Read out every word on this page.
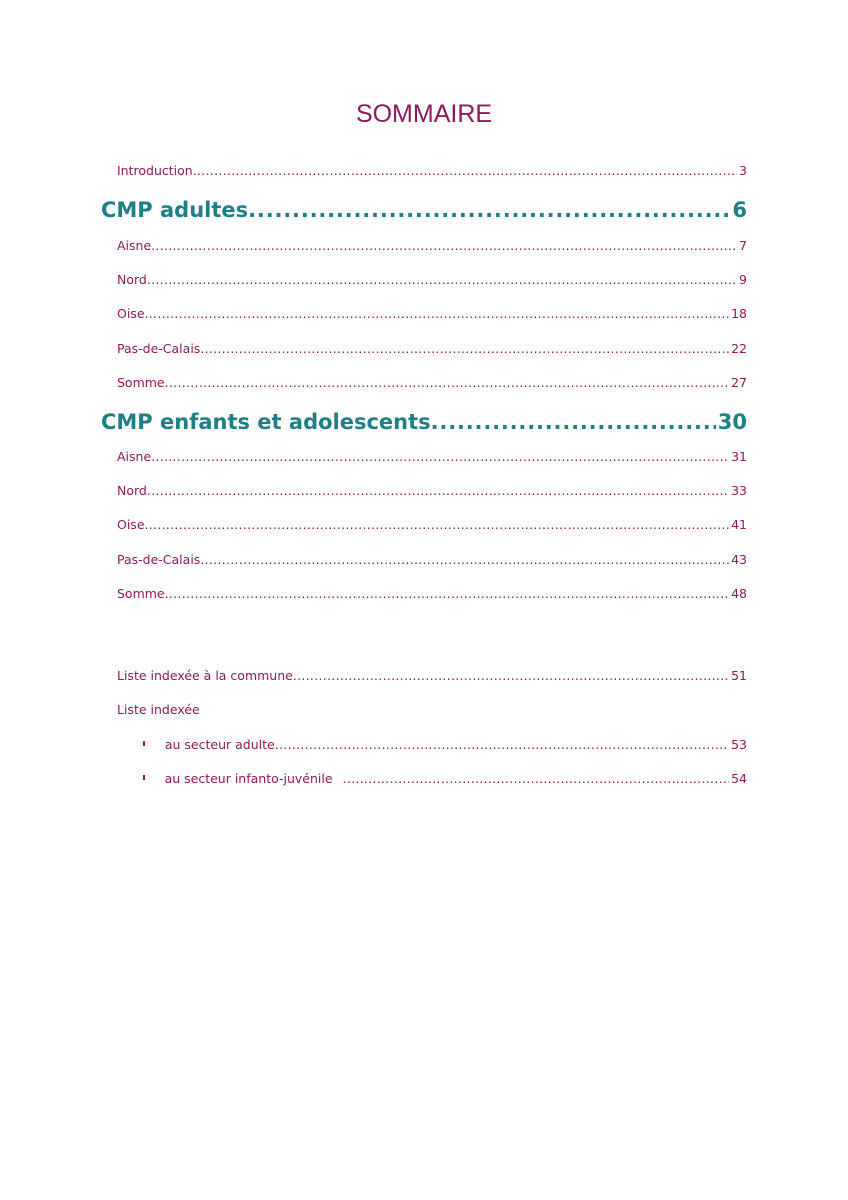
SOMMAIRE
Introduction .....	3
CMP adultes .....	6
Aisne .....	7
Nord .....	9
Oise .....	18
Pas-de-Calais .....	22
Somme .....	27
CMP enfants et adolescents .....	30
Aisne .....	31
Nord .....	33
Oise .....	41
Pas-de-Calais .....	43
Somme .....	48
Liste indexée à la commune .....	51
Liste indexée
au secteur adulte .....	53
au secteur infanto-juvénile .....	54
